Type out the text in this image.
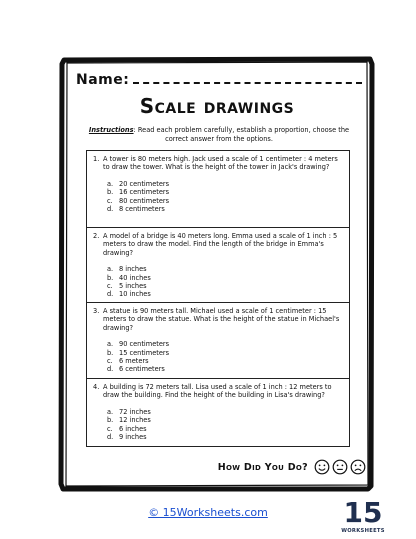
Name:
Scale drawings
Instructions: Read each problem carefully, establish a proportion, choose the correct answer from the options.
1. A tower is 80 meters high. Jack used a scale of 1 centimeter : 4 meters to draw the tower. What is the height of the tower in Jack's drawing?
a. 20 centimeters
b. 16 centimeters
c. 80 centimeters
d. 8 centimeters
2. A model of a bridge is 40 meters long. Emma used a scale of 1 inch : 5 meters to draw the model. Find the length of the bridge in Emma's drawing?
a. 8 inches
b. 40 inches
c. 5 inches
d. 10 inches
3. A statue is 90 meters tall. Michael used a scale of 1 centimeter : 15 meters to draw the statue. What is the height of the statue in Michael's drawing?
a. 90 centimeters
b. 15 centimeters
c. 6 meters
d. 6 centimeters
4. A building is 72 meters tall. Lisa used a scale of 1 inch : 12 meters to draw the building. Find the height of the building in Lisa's drawing?
a. 72 inches
b. 12 inches
c. 6 inches
d. 9 inches
How Did You Do?
© 15Worksheets.com	15
WORKSHEETS
